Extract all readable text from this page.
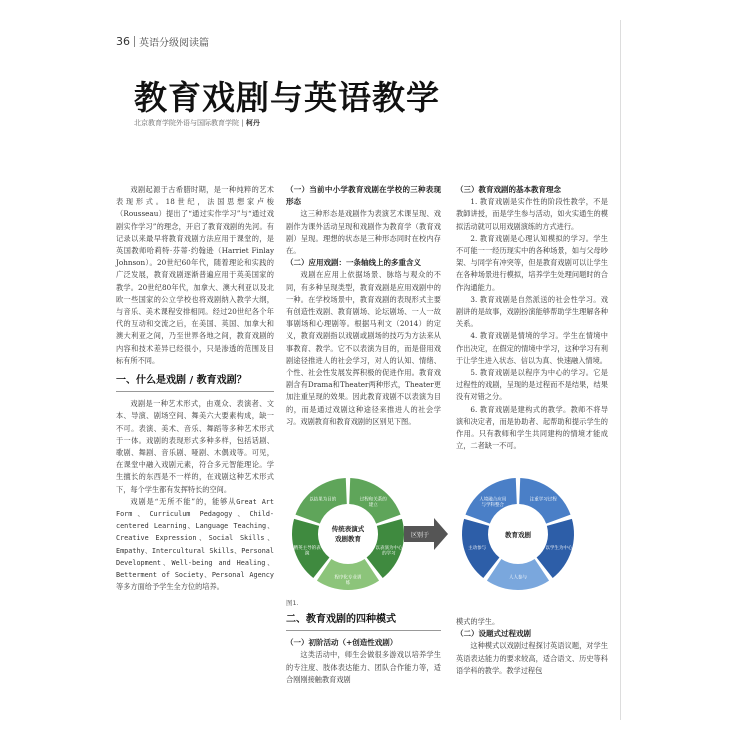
36 英语分级阅读篇
教育戏剧与英语教学
北京教育学院外语与国际教育学院 | 柯丹

戏剧起源于古希腊时期，是一种纯粹的艺术表现形式。18世纪，法国思想家卢梭（Rousseau）提出了“通过实作学习”与“通过戏剧实作学习”的理念，开启了教育戏剧的先河。有记录以来最早将教育戏剧方法应用于课堂的，是英国教师哈莉特·芬蒂·约翰逊（Harriet Finlay Johnson）。20世纪60年代，随着理论和实践的广泛发展，教育戏剧逐渐普遍应用于英美国家的教学。20世纪80年代，加拿大、澳大利亚以及北欧一些国家的公立学校也将戏剧纳入教学大纲，与音乐、美术课程安排相同。经过20世纪各个年代的互动和交流之后，在美国、英国、加拿大和澳大利亚之间，乃至世界各地之间，教育戏剧的内容和技术差异已经很小，只是渗透的范围及目标有所不同。

一、什么是戏剧 / 教育戏剧？

戏剧是一种艺术形式，由观众、表演者、文本、导演、剧场空间、舞美六大要素构成，缺一不可。表演、美术、音乐、舞蹈等多种艺术形式于一体。戏剧的表现形式多种多样，包括话剧、歌剧、舞剧、音乐剧、哑剧、木偶戏等。可见，在课堂中融入戏剧元素，符合多元智能理论。学生擅长的东西是不一样的，在戏剧这种艺术形式下，每个学生都有发挥特长的空间。

戏剧是“无所不能”的，能够从Great Art Form、Curriculum Pedagogy、Child-centered Learning、Language Teaching、Creative Expression、Social Skills、Empathy、Intercultural Skills、Personal Development、Well-being and Healing、Betterment of Society、Personal Agency等多方面给予学生全方位的培养。

（一）当前中小学教育戏剧在学校的三种表现形态

这三种形态是戏剧作为表演艺术课呈现、戏剧作为课外活动呈现和戏剧作为教育学（教育戏剧）呈现。理想的状态是三种形态同时在校内存在。

（二）应用戏剧：一条轴线上的多重含义

戏剧在应用上依据场景、脉络与观众的不同，有多种呈现类型，教育戏剧是应用戏剧中的一种。在学校场景中，教育戏剧的表现形式主要有创造性戏剧、教育剧场、论坛剧场、一人一故事剧场和心理剧等。根据马利文（2014）的定义，教育戏剧指以戏剧或剧场的技巧为方法来从事教育、教学。它不以表演为目的，而是借用戏剧途径推进人的社会学习，对人的认知、情绪、个性、社会性发展发挥积极的促进作用。教育戏剧含有Drama和Theater两种形式，Theater更加注重呈现的效果。因此教育戏剧不以表演为目的，而是通过戏剧这种途径来推进人的社会学习。戏剧教育和教育戏剧的区别见下图。

（三）教育戏剧的基本教育理念

1. 教育戏剧是实作性的阶段性教学，不是教師讲授，而是学生参与活动，如火实通生的模拟活动就可以用戏剧演练的方式进行。

2. 教育戏剧是心理认知模拟的学习。学生不可能一一经历现实中的各种场景，如与父母吵架、与同学有冲突等，但是教育戏剧可以让学生在各种场景进行模拟，培养学生处理问题时的合作沟通能力。

3. 教育戏剧是自然派送的社会性学习。戏剧讲的是故事，戏剧扮演能够帮助学生理解各种关系。

4. 教育戏剧是情境的学习。学生在情境中作出决定，在假定的情境中学习，这种学习有利于让学生进入状态、信以为真、快速融入情境。

5. 教育戏剧是以程序为中心的学习。它是过程性的戏剧，呈现的是过程而不是结果，结果没有对错之分。

6. 教育戏剧是建构式的教学。教师不将导演和决定者，而是协助者、起帮助和提示学生的作用。只有教师和学生共同建构的情境才能成立，二者缺一不可。

过程和关系的
建立
以表演为中心
的学习
程序化专业训
练
精英主导的表
演
以结果为目的
传统表演式
戏剧教育	区别于
注重学习过程
以学生为中心
人人参与
主动参与
人境融合应用
与学科整合
教育戏剧
图1.
二、教育戏剧的四种模式

（一）初阶活动（+创造性戏剧）

这类活动中，师生会做很多游戏以培养学生的专注度、肢体表达能力、团队合作能力等，适合刚刚接触教育戏剧

模式的学生。

（二）设题式过程戏剧

这种模式以戏剧过程探讨英语议题，对学生英语表达能力的要求较高，适合语文、历史等科语学科的教学。教学过程包
